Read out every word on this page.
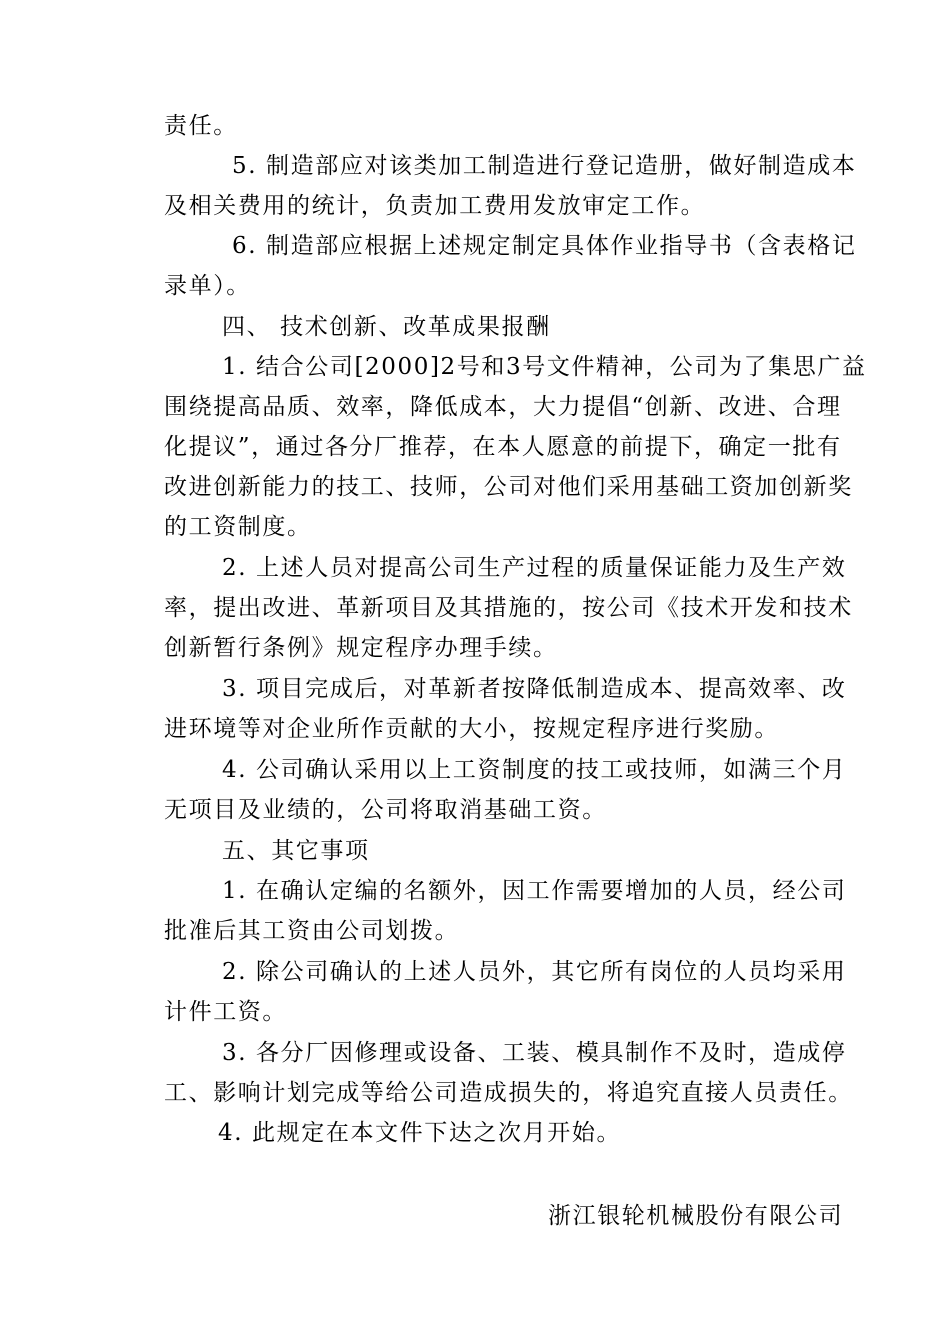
责任。
5. 制造部应对该类加工制造进行登记造册，做好制造成本
及相关费用的统计，负责加工费用发放审定工作。
6. 制造部应根据上述规定制定具体作业指导书（含表格记
录单）。
四、 技术创新、改革成果报酬
1. 结合公司[2000]2号和3号文件精神，公司为了集思广益
围绕提高品质、效率，降低成本，大力提倡“创新、改进、合理
化提议”，通过各分厂推荐，在本人愿意的前提下，确定一批有
改进创新能力的技工、技师，公司对他们采用基础工资加创新奖
的工资制度。
2. 上述人员对提高公司生产过程的质量保证能力及生产效
率，提出改进、革新项目及其措施的，按公司《技术开发和技术
创新暂行条例》规定程序办理手续。
3. 项目完成后，对革新者按降低制造成本、提高效率、改
进环境等对企业所作贡献的大小，按规定程序进行奖励。
4. 公司确认采用以上工资制度的技工或技师，如满三个月
无项目及业绩的，公司将取消基础工资。
五、其它事项
1. 在确认定编的名额外，因工作需要增加的人员，经公司
批准后其工资由公司划拨。
2. 除公司确认的上述人员外，其它所有岗位的人员均采用
计件工资。
3. 各分厂因修理或设备、工装、模具制作不及时，造成停
工、影响计划完成等给公司造成损失的，将追究直接人员责任。
4. 此规定在本文件下达之次月开始。
浙江银轮机械股份有限公司
